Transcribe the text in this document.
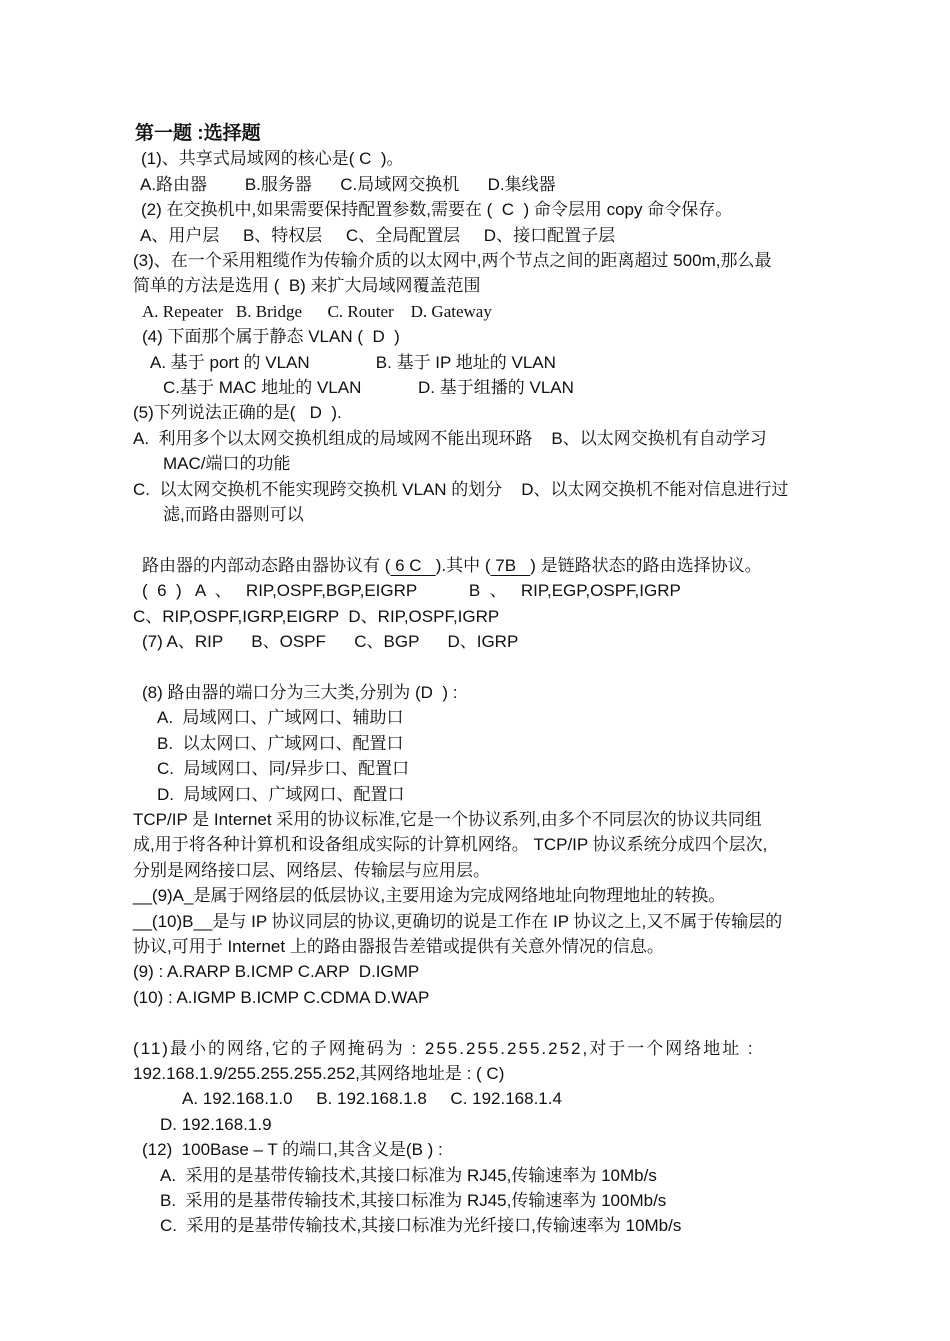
第一题 :选择题

(1)、共享式局域网的核心是( C  )。

A.路由器        B.服务器      C.局域网交换机      D.集线器

(2) 在交换机中,如果需要保持配置参数,需要在 (  C  ) 命令层用 copy 命令保存。

A、用户层     B、特权层     C、全局配置层     D、接口配置子层

(3)、在一个采用粗缆作为传输介质的以太网中,两个节点之间的距离超过 500m,那么最

简单的方法是选用 (  B) 来扩大局域网覆盖范围

A. Repeater   B. Bridge      C. Router    D. Gateway

(4) 下面那个属于静态 VLAN (  D  )

A. 基于 port 的 VLAN              B. 基于 IP 地址的 VLAN

C.基于 MAC 地址的 VLAN            D. 基于组播的 VLAN

(5)下列说法正确的是(   D  ).

A.  利用多个以太网交换机组成的局域网不能出现环路    B、以太网交换机有自动学习

MAC/端口的功能

C.  以太网交换机不能实现跨交换机 VLAN 的划分    D、以太网交换机不能对信息进行过

滤,而路由器则可以

路由器的内部动态路由器协议有 ( 6 C   ).其中 ( 7B   ) 是链路状态的路由选择协议。

(  6  )   A  、   RIP,OSPF,BGP,EIGRP           B  、   RIP,EGP,OSPF,IGRP

C、RIP,OSPF,IGRP,EIGRP  D、RIP,OSPF,IGRP

(7) A、RIP      B、OSPF      C、BGP      D、IGRP

(8) 路由器的端口分为三大类,分别为 (D  ) :

A.  局域网口、广域网口、辅助口

B.  以太网口、广域网口、配置口

C.  局域网口、同/异步口、配置口

D.  局域网口、广域网口、配置口

TCP/IP 是 Internet 采用的协议标准,它是一个协议系列,由多个不同层次的协议共同组

成,用于将各种计算机和设备组成实际的计算机网络。 TCP/IP 协议系统分成四个层次,

分别是网络接口层、网络层、传输层与应用层。

__(9)A_是属于网络层的低层协议,主要用途为完成网络地址向物理地址的转换。

__(10)B__是与 IP 协议同层的协议,更确切的说是工作在 IP 协议之上,又不属于传输层的

协议,可用于 Internet 上的路由器报告差错或提供有关意外情况的信息。

(9) : A.RARP B.ICMP C.ARP  D.IGMP

(10) : A.IGMP B.ICMP C.CDMA D.WAP

(11)最小的网络,它的子网掩码为 : 255.255.255.252,对于一个网络地址 :

192.168.1.9/255.255.255.252,其网络地址是 : ( C)

A. 192.168.1.0     B. 192.168.1.8     C. 192.168.1.4

D. 192.168.1.9

(12)  100Base – T 的端口,其含义是(B ) :

A.  采用的是基带传输技术,其接口标准为 RJ45,传输速率为 10Mb/s

B.  采用的是基带传输技术,其接口标准为 RJ45,传输速率为 100Mb/s

C.  采用的是基带传输技术,其接口标准为光纤接口,传输速率为 10Mb/s
